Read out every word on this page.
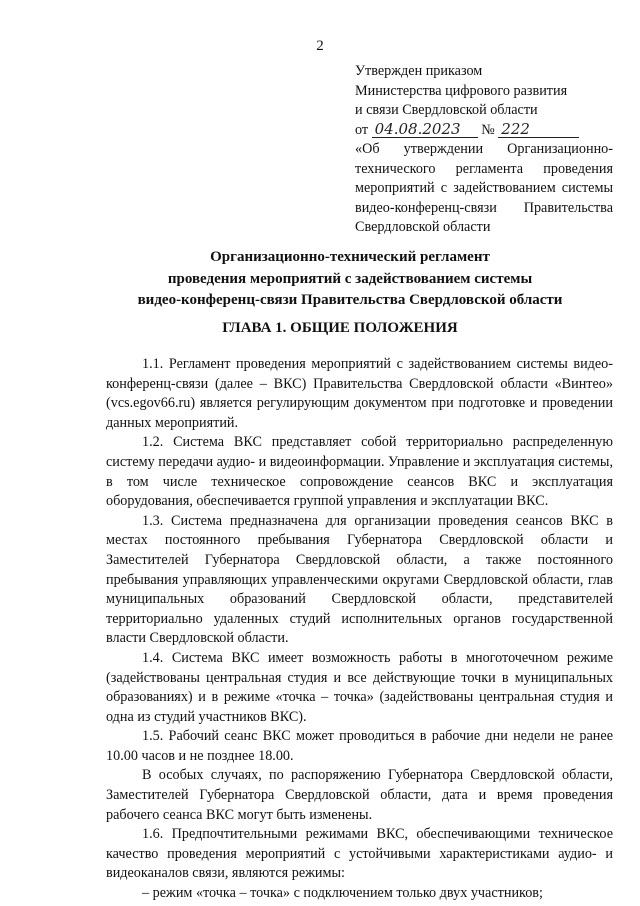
2
Утвержден приказом
Министерства цифрового развития
и связи Свердловской области
от 04.08.2023 № 222
«Об утверждении Организационно-
технического регламента проведения
мероприятий с задействованием системы
видео-конференц-связи Правительства
Свердловской области
Организационно-технический регламент
проведения мероприятий с задействованием системы
видео-конференц-связи Правительства Свердловской области
ГЛАВА 1. ОБЩИЕ ПОЛОЖЕНИЯ

1.1. Регламент проведения мероприятий с задействованием системы видео-конференц-связи (далее – ВКС) Правительства Свердловской области «Винтео» (vcs.egov66.ru) является регулирующим документом при подготовке и проведении данных мероприятий.

1.2. Система ВКС представляет собой территориально распределенную систему передачи аудио- и видеоинформации. Управление и эксплуатация системы, в том числе техническое сопровождение сеансов ВКС и эксплуатация оборудования, обеспечивается группой управления и эксплуатации ВКС.

1.3. Система предназначена для организации проведения сеансов ВКС в местах постоянного пребывания Губернатора Свердловской области и Заместителей Губернатора Свердловской области, а также постоянного пребывания управляющих управленческими округами Свердловской области, глав муниципальных образований Свердловской области, представителей территориально удаленных студий исполнительных органов государственной власти Свердловской области.

1.4. Система ВКС имеет возможность работы в многоточечном режиме (задействованы центральная студия и все действующие точки в муниципальных образованиях) и в режиме «точка – точка» (задействованы центральная студия и одна из студий участников ВКС).

1.5. Рабочий сеанс ВКС может проводиться в рабочие дни недели не ранее 10.00 часов и не позднее 18.00.

В особых случаях, по распоряжению Губернатора Свердловской области, Заместителей Губернатора Свердловской области, дата и время проведения рабочего сеанса ВКС могут быть изменены.

1.6. Предпочтительными режимами ВКС, обеспечивающими техническое качество проведения мероприятий с устойчивыми характеристиками аудио- и видеоканалов связи, являются режимы:

– режим «точка – точка» с подключением только двух участников;
